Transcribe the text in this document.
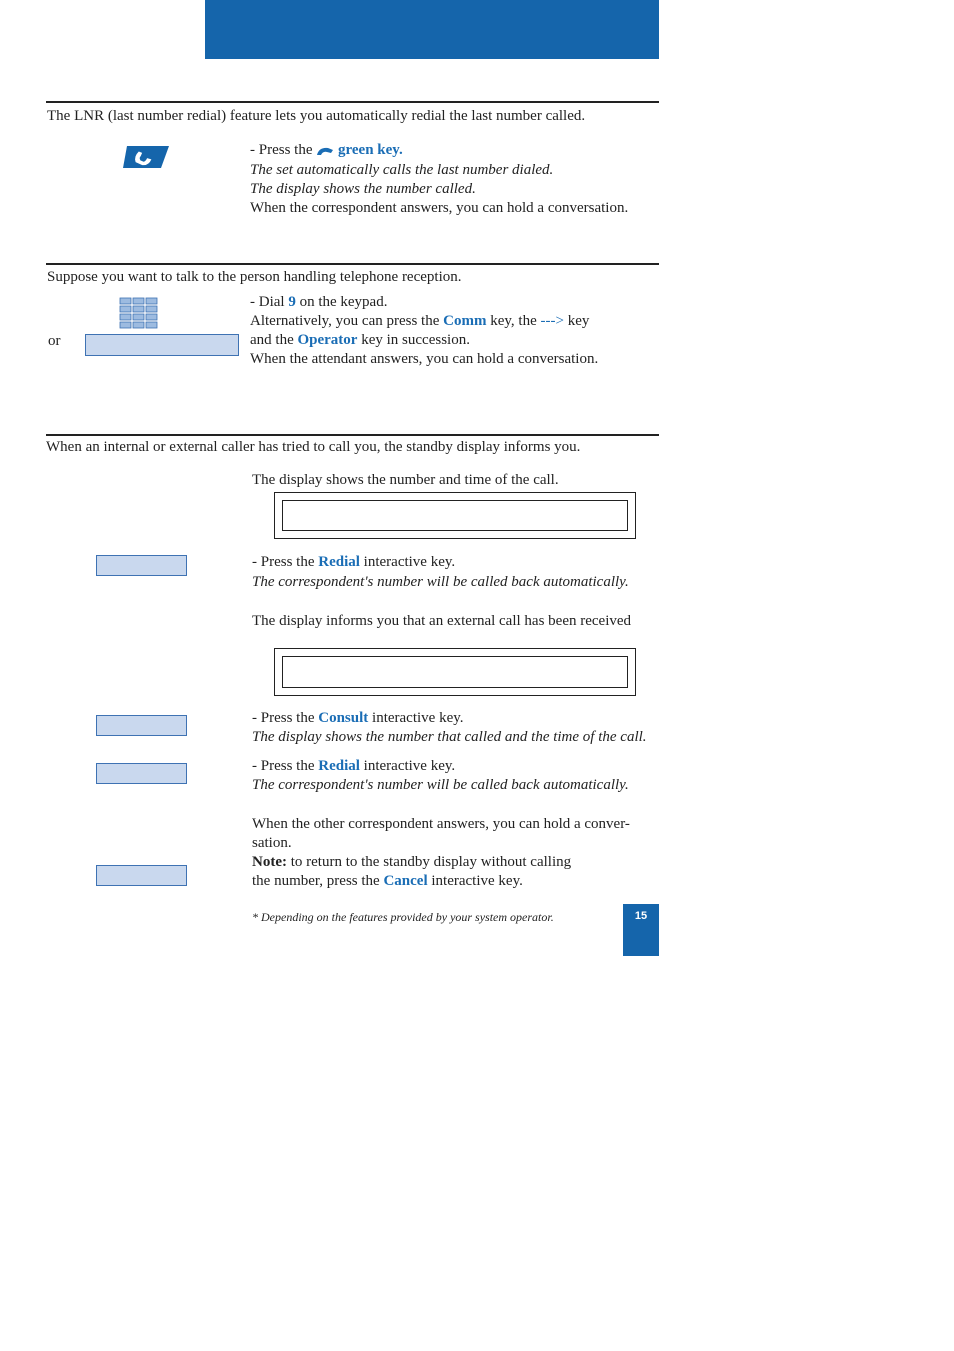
The LNR (last number redial) feature lets you automatically redial the last number called.
- Press the green key.
The set automatically calls the last number dialed.
The display shows the number called.
When the correspondent answers, you can hold a conversation.
Suppose you want to talk to the person handling telephone reception.
or
- Dial 9 on the keypad.
Alternatively, you can press the Comm key, the ---> key
and the Operator key in succession.
When the attendant answers, you can hold a conversation.
When an internal or external caller has tried to call you, the standby display informs you.
The display shows the number and time of the call.
- Press the Redial interactive key.
The correspondent's number will be called back automatically.
The display informs you that an external call has been received
- Press the Consult interactive key.
The display shows the number that called and the time of the call.
- Press the Redial interactive key.
The correspondent's number will be called back automatically.
When the other correspondent answers, you can hold a conver-
sation.
Note: to return to the standby display without calling
the number, press the Cancel interactive key.
* Depending on the features provided by your system operator.	15
